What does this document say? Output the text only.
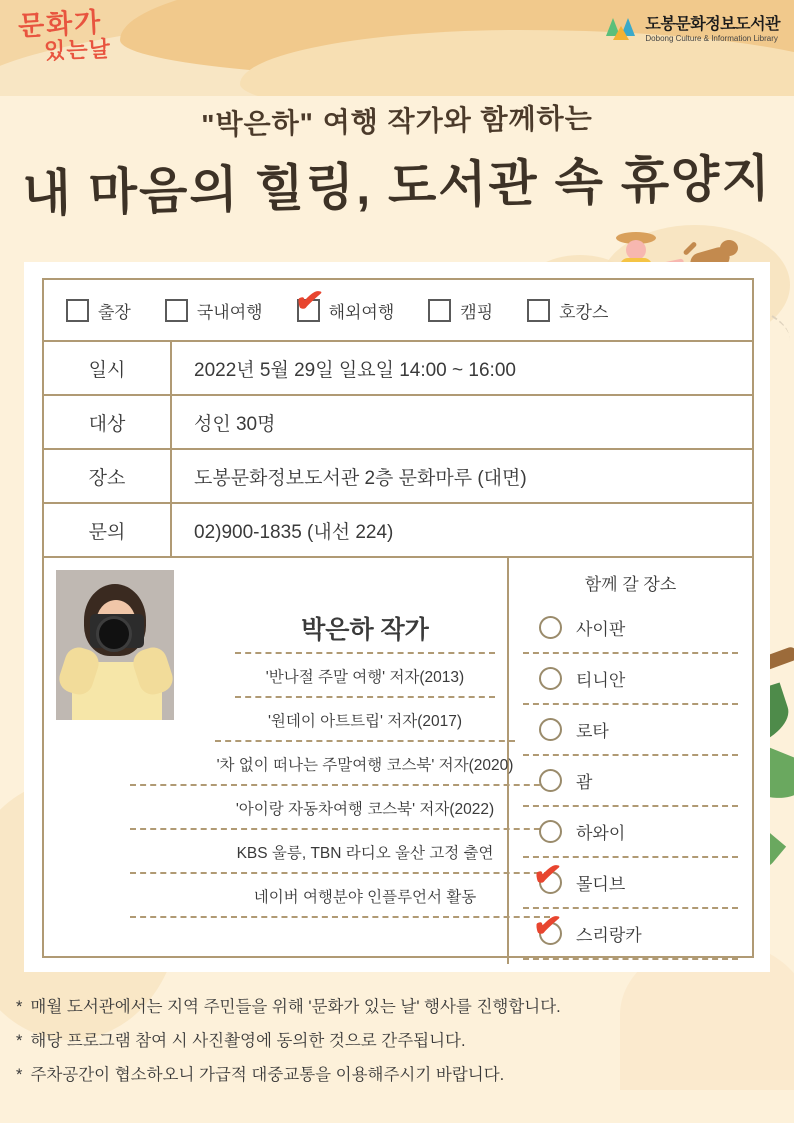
문화가
있는날
도봉문화정보도서관
Dobong Culture & Information Library
"박은하" 여행 작가와 함께하는
내 마음의 힐링, 도서관 속 휴양지
출장	국내여행 ✔ 해외여행	캠핑	호캉스
일시	2022년 5월 29일 일요일 14:00 ~ 16:00
대상	성인 30명
장소	도봉문화정보도서관 2층 문화마루 (대면)
문의	02)900-1835 (내선 224)
박은하 작가
'반나절 주말 여행' 저자(2013)
'원데이 아트트립' 저자(2017)
'차 없이 떠나는 주말여행 코스북' 저자(2020)
'아이랑 자동차여행 코스북' 저자(2022)
KBS 울릉, TBN 라디오 울산 고정 출연
네이버 여행분야 인플루언서 활동
함께 갈 장소
사이판
티니안
로타
괌
하와이
✔ 몰디브
✔ 스리랑카
* 매월 도서관에서는 지역 주민들을 위해 '문화가 있는 날' 행사를 진행합니다.
* 해당 프로그램 참여 시 사진촬영에 동의한 것으로 간주됩니다.
* 주차공간이 협소하오니 가급적 대중교통을 이용해주시기 바랍니다.
